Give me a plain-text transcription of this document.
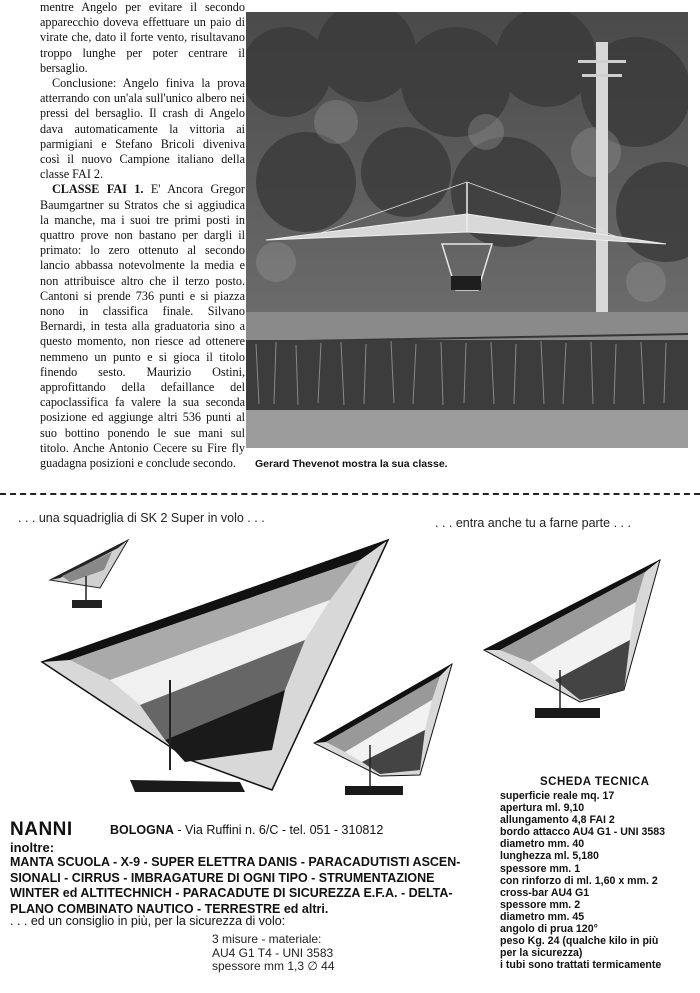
mentre Angelo per evitare il secondo apparecchio doveva effettuare un paio di virate che, dato il forte vento, risultavano troppo lunghe per poter centrare il bersaglio.

Conclusione: Angelo finiva la prova atterrando con un'ala sull'unico albero nei pressi del bersaglio. Il crash di Angelo dava automaticamente la vittoria ai parmigiani e Stefano Bricoli diveniva così il nuovo Campione italiano della classe FAI 2.

CLASSE FAI 1. E' Ancora Gregor Baumgartner su Stratos che si aggiudica la manche, ma i suoi tre primi posti in quattro prove non bastano per dargli il primato: lo zero ottenuto al secondo lancio abbassa notevolmente la media e non attribuisce altro che il terzo posto. Cantoni si prende 736 punti e si piazza nono in classifica finale. Silvano Bernardi, in testa alla graduatoria sino a questo momento, non riesce ad ottenere nemmeno un punto e si gioca il titolo finendo sesto. Maurizio Ostini, approfittando della defaillance del capoclassifica fa valere la sua seconda posizione ed aggiunge altri 536 punti al suo bottino ponendo le sue mani sul titolo. Anche Antonio Cecere su Fire fly guadagna posizioni e conclude secondo.	Gerard Thevenot mostra la sua classe.
. . . una squadriglia di SK 2 Super in volo . . .	. . . entra anche tu a farne parte . . .
SCHEDA TECNICA
superficie reale mq. 17
apertura ml. 9,10
allungamento 4,8 FAI 2
bordo attacco AU4 G1 - UNI 3583
diametro mm. 40
lunghezza ml. 5,180
spessore mm. 1
con rinforzo di ml. 1,60 x mm. 2
cross-bar AU4 G1
spessore mm. 2
diametro mm. 45
angolo di prua 120°
peso Kg. 24 (qualche kilo in più
per la sicurezza)
i tubi sono trattati termicamente
NANNI	BOLOGNA - Via Ruffini n. 6/C - tel. 051 - 310812
inoltre:
MANTA SCUOLA - X-9 - SUPER ELETTRA DANIS - PARACADUTISTI ASCEN-
SIONALI - CIRRUS - IMBRAGATURE DI OGNI TIPO - STRUMENTAZIONE
WINTER ed ALTITECHNICH - PARACADUTE DI SICUREZZA E.F.A. - DELTA-
PLANO COMBINATO NAUTICO - TERRESTRE ed altri.
. . . ed un consiglio in più, per la sicurezza di volo:
3 misure - materiale:
AU4 G1 T4 - UNI 3583
spessore mm 1,3 ∅ 44
